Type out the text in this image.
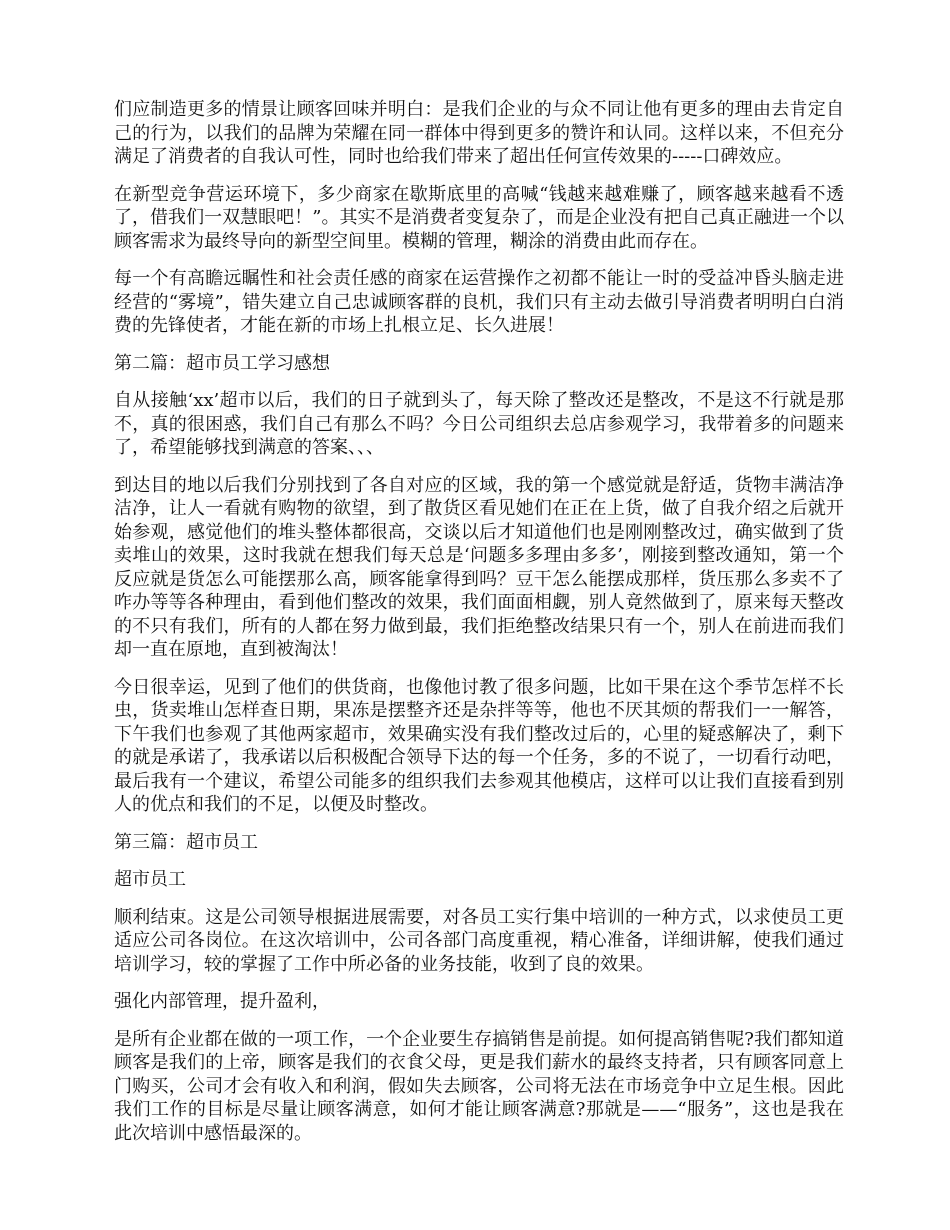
们应制造更多的情景让顾客回味并明白：是我们企业的与众不同让他有更多的理由去肯定自己的行为，以我们的品牌为荣耀在同一群体中得到更多的赞许和认同。这样以来，不但充分满足了消费者的自我认可性，同时也给我们带来了超出任何宣传效果的-----口碑效应。

在新型竞争营运环境下，多少商家在歇斯底里的高喊“钱越来越难赚了，顾客越来越看不透了，借我们一双慧眼吧！”。其实不是消费者变复杂了，而是企业没有把自己真正融进一个以顾客需求为最终导向的新型空间里。模糊的管理，糊涂的消费由此而存在。

每一个有高瞻远瞩性和社会责任感的商家在运营操作之初都不能让一时的受益冲昏头脑走进经营的“雾境”，错失建立自己忠诚顾客群的良机，我们只有主动去做引导消费者明明白白消费的先锋使者，才能在新的市场上扎根立足、长久进展！

第二篇：超市员工学习感想

自从接触‘xx’超市以后，我们的日子就到头了，每天除了整改还是整改，不是这不行就是那不，真的很困惑，我们自己有那么不吗？今日公司组织去总店参观学习，我带着多的问题来了，希望能够找到满意的答案、、、

到达目的地以后我们分别找到了各自对应的区域，我的第一个感觉就是舒适，货物丰满洁净洁净，让人一看就有购物的欲望，到了散货区看见她们在正在上货，做了自我介绍之后就开始参观，感觉他们的堆头整体都很高，交谈以后才知道他们也是刚刚整改过，确实做到了货卖堆山的效果，这时我就在想我们每天总是‘问题多多理由多多’，刚接到整改通知，第一个反应就是货怎么可能摆那么高，顾客能拿得到吗？豆干怎么能摆成那样，货压那么多卖不了咋办等等各种理由，看到他们整改的效果，我们面面相觑，别人竟然做到了，原来每天整改的不只有我们，所有的人都在努力做到最，我们拒绝整改结果只有一个，别人在前进而我们却一直在原地，直到被淘汰！

今日很幸运，见到了他们的供货商，也像他讨教了很多问题，比如干果在这个季节怎样不长虫，货卖堆山怎样查日期，果冻是摆整齐还是杂拌等等，他也不厌其烦的帮我们一一解答，下午我们也参观了其他两家超市，效果确实没有我们整改过后的，心里的疑惑解决了，剩下的就是承诺了，我承诺以后积极配合领导下达的每一个任务，多的不说了，一切看行动吧，最后我有一个建议，希望公司能多的组织我们去参观其他模店，这样可以让我们直接看到别人的优点和我们的不足，以便及时整改。

第三篇：超市员工

超市员工

顺利结束。这是公司领导根据进展需要，对各员工实行集中培训的一种方式，以求使员工更适应公司各岗位。在这次培训中，公司各部门高度重视，精心准备，详细讲解，使我们通过培训学习，较的掌握了工作中所必备的业务技能，收到了良的效果。

强化内部管理，提升盈利，

是所有企业都在做的一项工作，一个企业要生存搞销售是前提。如何提高销售呢?我们都知道顾客是我们的上帝，顾客是我们的衣食父母，更是我们薪水的最终支持者，只有顾客同意上门购买，公司才会有收入和利润，假如失去顾客，公司将无法在市场竞争中立足生根。因此我们工作的目标是尽量让顾客满意，如何才能让顾客满意?那就是——“服务”，这也是我在此次培训中感悟最深的。
